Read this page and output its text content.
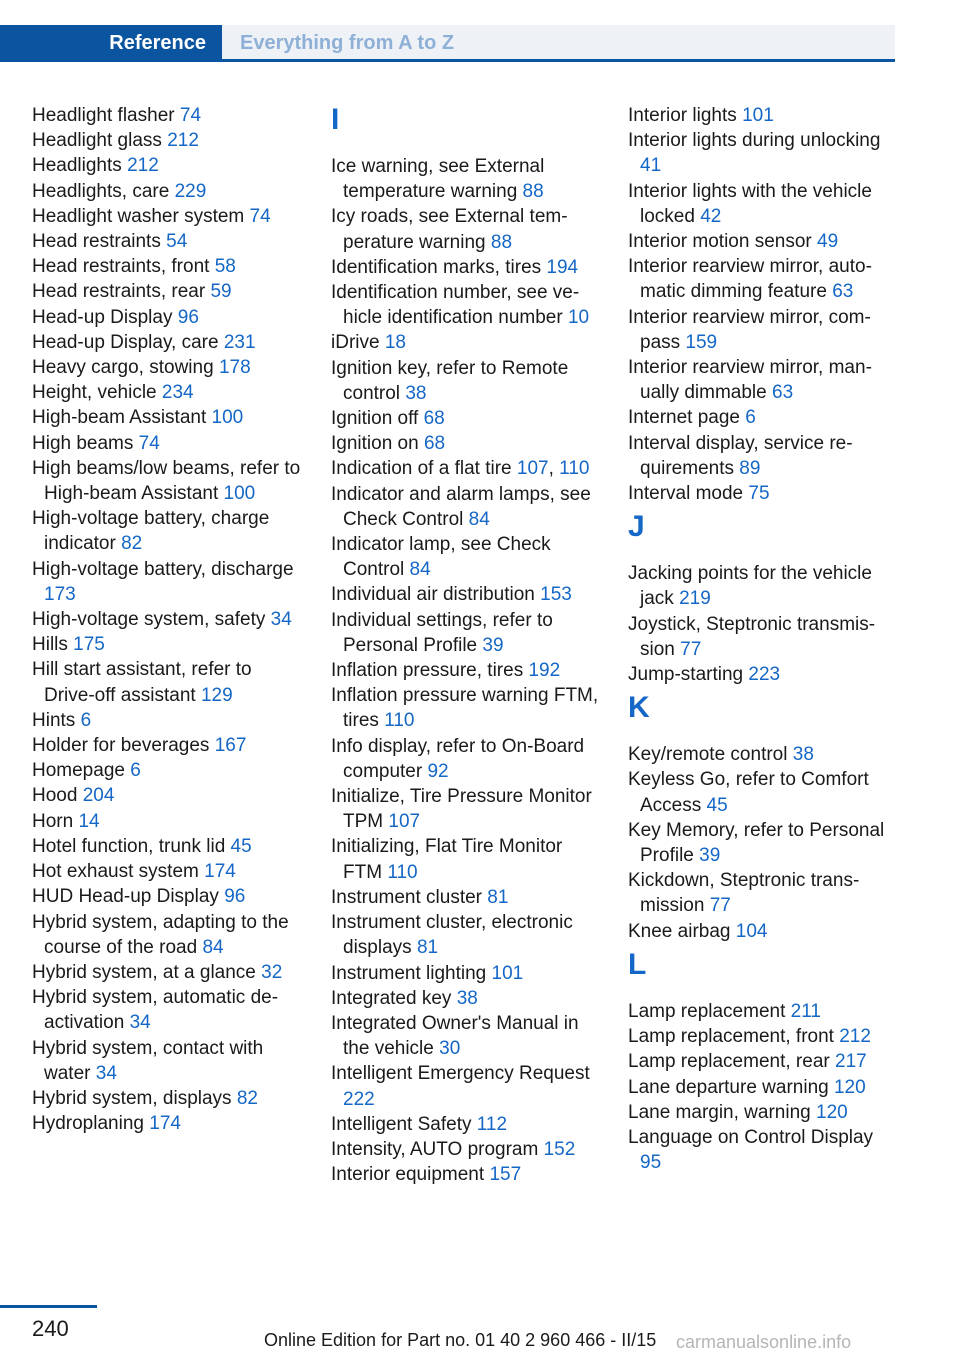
Reference	Everything from A to Z
Headlight flasher 74
Headlight glass 212
Headlights 212
Headlights, care 229
Headlight washer system 74
Head restraints 54
Head restraints, front 58
Head restraints, rear 59
Head-up Display 96
Head-up Display, care 231
Heavy cargo, stowing 178
Height, vehicle 234
High-beam Assistant 100
High beams 74
High beams/low beams, refer to High-beam Assistant 100
High-voltage battery, charge indicator 82
High-voltage battery, discharge 173
High-voltage system, safety 34
Hills 175
Hill start assistant, refer to Drive-off assistant 129
Hints 6
Holder for beverages 167
Homepage 6
Hood 204
Horn 14
Hotel function, trunk lid 45
Hot exhaust system 174
HUD Head-up Display 96
Hybrid system, adapting to the course of the road 84
Hybrid system, at a glance 32
Hybrid system, automatic deactivation 34
Hybrid system, contact with water 34
Hybrid system, displays 82
Hydroplaning 174
I
Ice warning, see External temperature warning 88
Icy roads, see External temperature warning 88
Identification marks, tires 194
Identification number, see vehicle identification number 10
iDrive 18
Ignition key, refer to Remote control 38
Ignition off 68
Ignition on 68
Indication of a flat tire 107, 110
Indicator and alarm lamps, see Check Control 84
Indicator lamp, see Check Control 84
Individual air distribution 153
Individual settings, refer to Personal Profile 39
Inflation pressure, tires 192
Inflation pressure warning FTM, tires 110
Info display, refer to On-Board computer 92
Initialize, Tire Pressure Monitor TPM 107
Initializing, Flat Tire Monitor FTM 110
Instrument cluster 81
Instrument cluster, electronic displays 81
Instrument lighting 101
Integrated key 38
Integrated Owner's Manual in the vehicle 30
Intelligent Emergency Request 222
Intelligent Safety 112
Intensity, AUTO program 152
Interior equipment 157
Interior lights 101
Interior lights during unlocking 41
Interior lights with the vehicle locked 42
Interior motion sensor 49
Interior rearview mirror, automatic dimming feature 63
Interior rearview mirror, compass 159
Interior rearview mirror, manually dimmable 63
Internet page 6
Interval display, service requirements 89
Interval mode 75
J
Jacking points for the vehicle jack 219
Joystick, Steptronic transmission 77
Jump-starting 223
K
Key/remote control 38
Keyless Go, refer to Comfort Access 45
Key Memory, refer to Personal Profile 39
Kickdown, Steptronic transmission 77
Knee airbag 104
L
Lamp replacement 211
Lamp replacement, front 212
Lamp replacement, rear 217
Lane departure warning 120
Lane margin, warning 120
Language on Control Display 95
240	Online Edition for Part no. 01 40 2 960 466 - II/15 carmanualsonline.info
